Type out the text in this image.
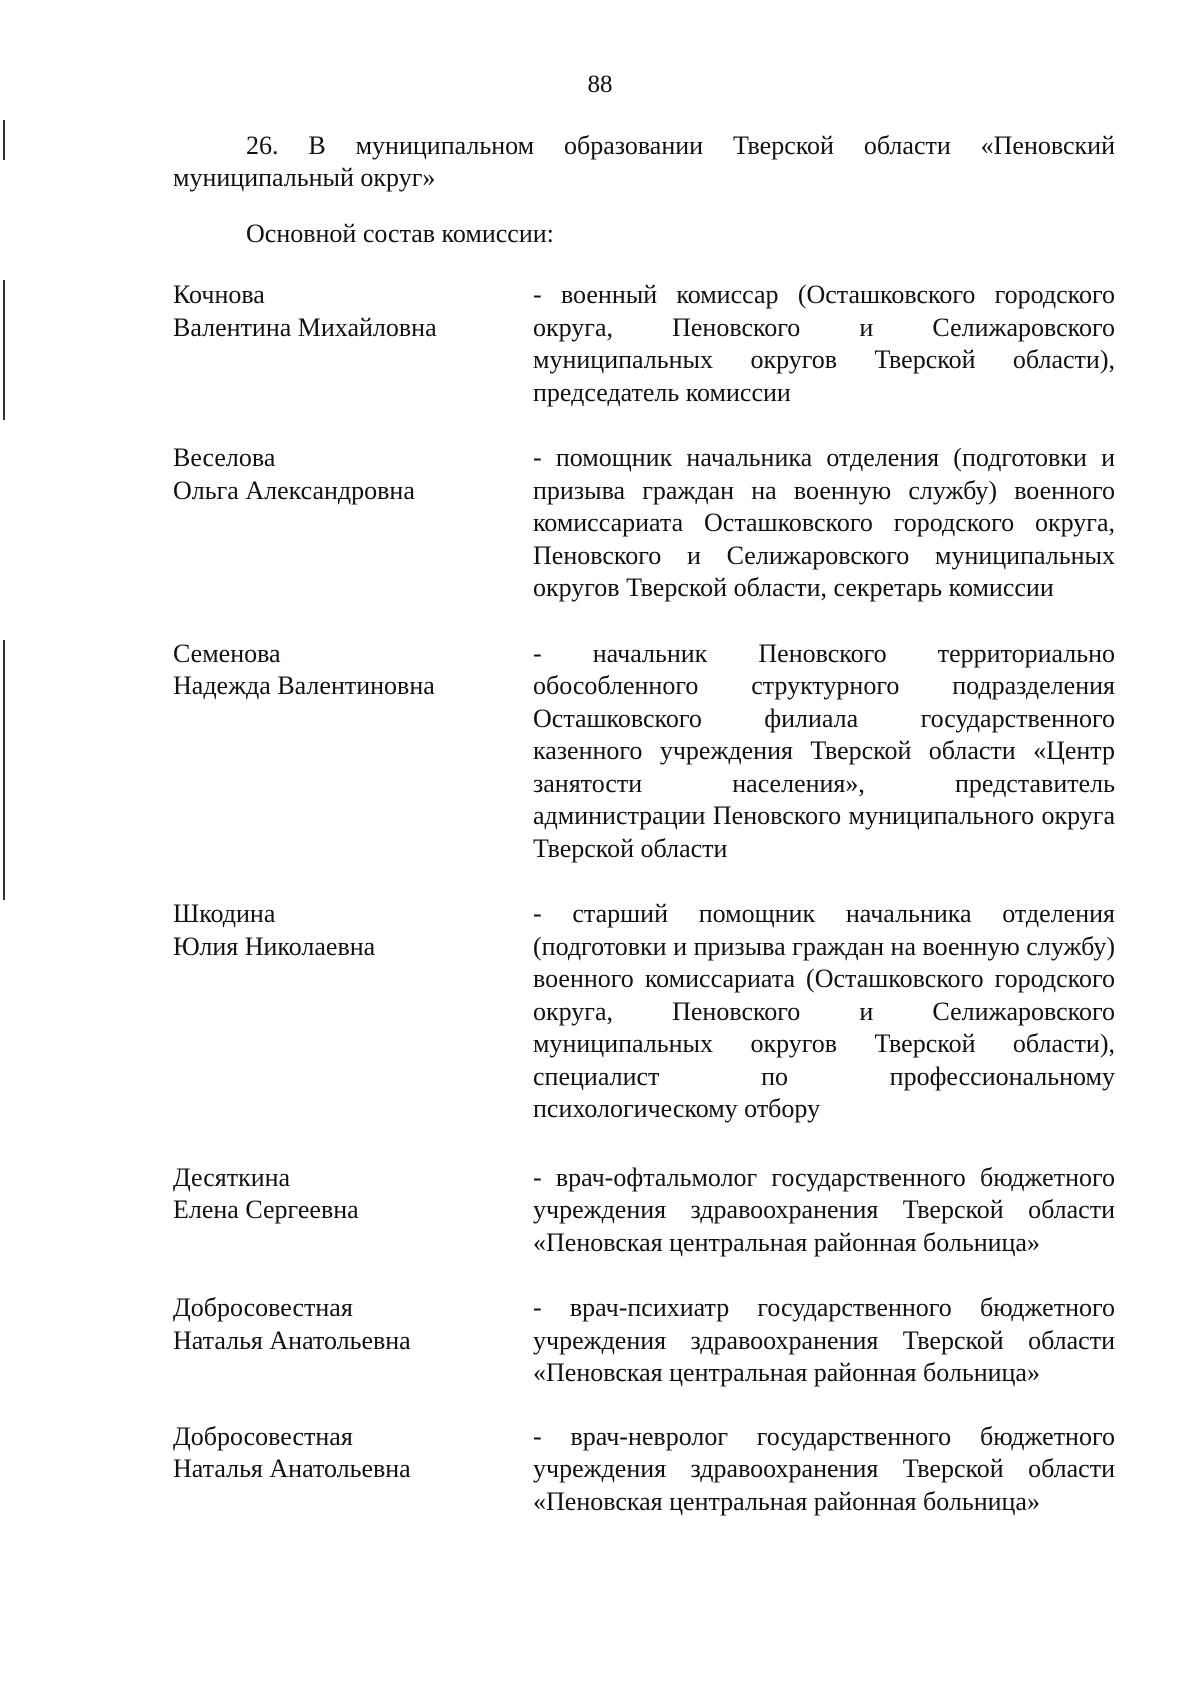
88
26. В муниципальном образовании Тверской области «Пеновский муниципальный округ»
Основной состав комиссии:
Кочнова
Валентина Михайловна
- военный комиссар (Осташковского городского округа, Пеновского и Селижаровского муниципальных округов Тверской области), председатель комиссии
Веселова
Ольга Александровна
- помощник начальника отделения (подготовки и призыва граждан на военную службу) военного комиссариата Осташковского городского округа, Пеновского и Селижаровского муниципальных округов Тверской области, секретарь комиссии
Семенова
Надежда Валентиновна
- начальник Пеновского территориально обособленного структурного подразделения Осташковского филиала государственного казенного учреждения Тверской области «Центр занятости населения», представитель администрации Пеновского муниципального округа Тверской области
Шкодина
Юлия Николаевна
- старший помощник начальника отделения (подготовки и призыва граждан на военную службу) военного комиссариата (Осташковского городского округа, Пеновского и Селижаровского муниципальных округов Тверской области), специалист по профессиональному психологическому отбору
Десяткина
Елена Сергеевна
- врач-офтальмолог государственного бюджетного учреждения здравоохранения Тверской области «Пеновская центральная районная больница»
Добросовестная
Наталья Анатольевна
- врач-психиатр государственного бюджетного учреждения здравоохранения Тверской области «Пеновская центральная районная больница»
Добросовестная
Наталья Анатольевна
- врач-невролог государственного бюджетного учреждения здравоохранения Тверской области «Пеновская центральная районная больница»
